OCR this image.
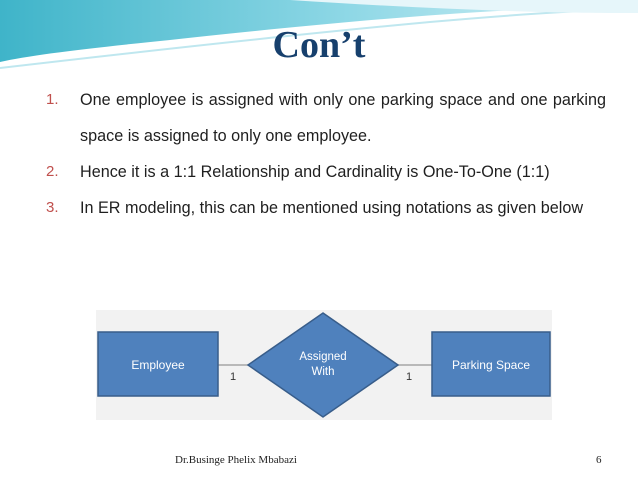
Con’t
1. One employee is assigned with only one parking space and one parking space is assigned to only one employee.
2. Hence it is a 1:1 Relationship and Cardinality is One-To-One (1:1)
3. In ER modeling, this can be mentioned using notations as given below
Employee
Assigned
With	Parking Space
1	1
Dr.Businge Phelix Mbabazi	6
